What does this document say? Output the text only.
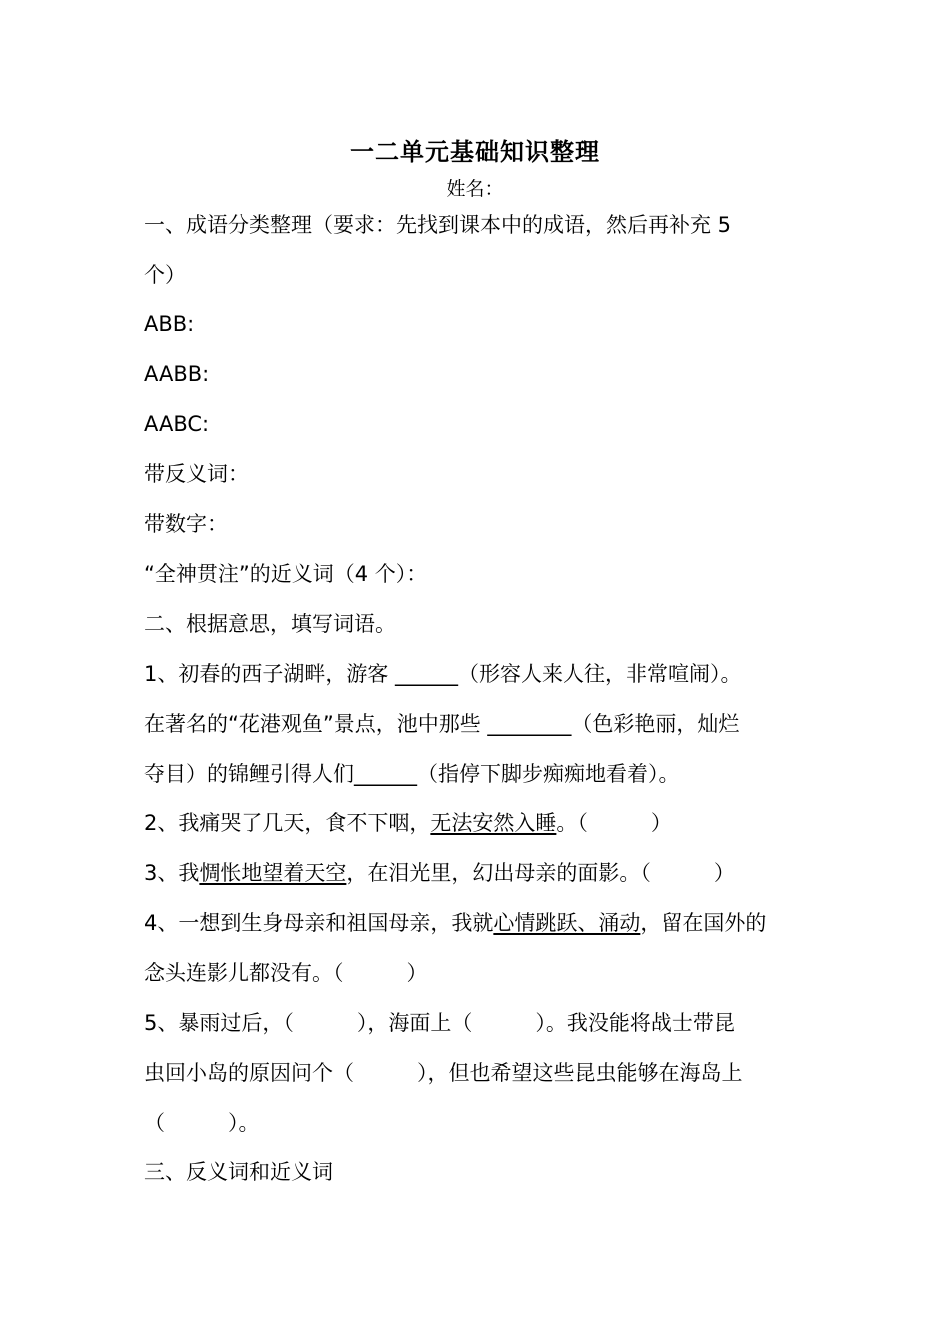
一二单元基础知识整理
姓名：
一、成语分类整理（要求：先找到课本中的成语，然后再补充 5
个）
ABB:
AABB:
AABC:
带反义词：
带数字：
“全神贯注”的近义词（4 个）：
二、根据意思，填写词语。
1、初春的西子湖畔，游客 ______（形容人来人往，非常喧闹）。
在著名的“花港观鱼”景点，池中那些 ________（色彩艳丽，灿烂
夺目）的锦鲤引得人们______（指停下脚步痴痴地看着）。
2、我痛哭了几天，食不下咽，无法安然入睡。（　　　）
3、我惆怅地望着天空，在泪光里，幻出母亲的面影。（　　　）
4、一想到生身母亲和祖国母亲，我就心情跳跃、涌动，留在国外的
念头连影儿都没有。（　　　）
5、暴雨过后，（　　　），海面上（　　　）。我没能将战士带昆
虫回小岛的原因问个（　　　），但也希望这些昆虫能够在海岛上
（　　　）。
三、反义词和近义词
